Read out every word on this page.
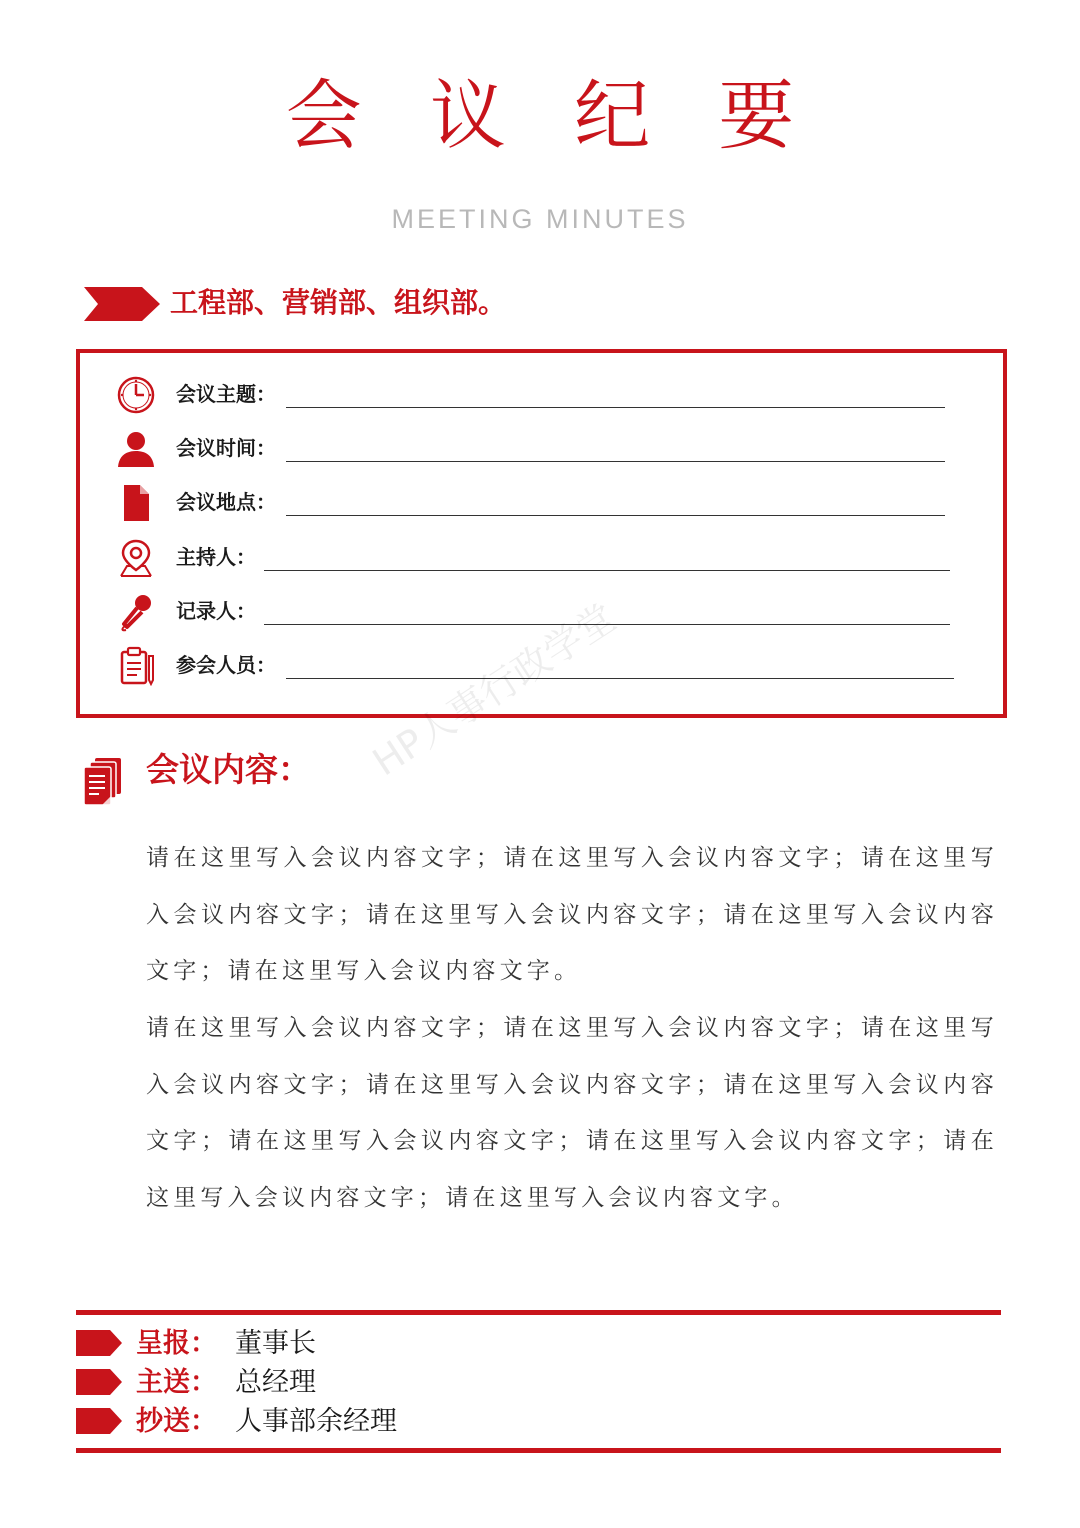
会 议 纪 要
MEETING MINUTES
工程部、营销部、组织部。
会议主题：
会议时间：
会议地点：
主持人：
记录人：
参会人员：
会议内容： HP人事行政学堂
请在这里写入会议内容文字；请在这里写入会议内容文字；请在这里写入会议内容文字；请在这里写入会议内容文字；请在这里写入会议内容文字；请在这里写入会议内容文字。
请在这里写入会议内容文字；请在这里写入会议内容文字；请在这里写入会议内容文字；请在这里写入会议内容文字；请在这里写入会议内容文字；请在这里写入会议内容文字；请在这里写入会议内容文字；请在这里写入会议内容文字；请在这里写入会议内容文字。
呈报： 董事长
主送： 总经理
抄送： 人事部余经理
